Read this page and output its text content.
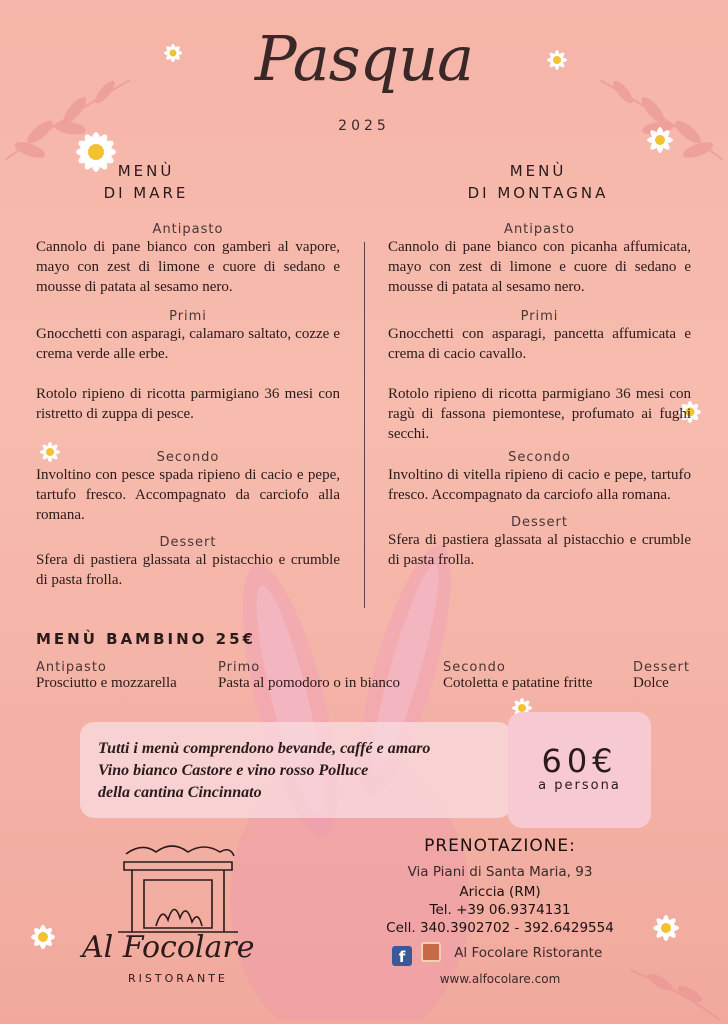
Pasqua
2025
MENÙ
DI MARE
Antipasto
Cannolo di pane bianco con gamberi al vapore, mayo con zest di limone e cuore di sedano e mousse di patata al sesamo nero.
Primi
Gnocchetti con asparagi, calamaro saltato, cozze e crema verde alle erbe.
Rotolo ripieno di ricotta parmigiano 36 mesi con ristretto di zuppa di pesce.
Secondo
Involtino con pesce spada ripieno di cacio e pepe, tartufo fresco. Accompagnato da carciofo alla romana.
Dessert
Sfera di pastiera glassata al pistacchio e crumble di pasta frolla.
MENÙ
DI MONTAGNA
Antipasto
Cannolo di pane bianco con picanha affumicata, mayo con zest di limone e cuore di sedano e mousse di patata al sesamo nero.
Primi
Gnocchetti con asparagi, pancetta affumicata e crema di cacio cavallo.
Rotolo ripieno di ricotta parmigiano 36 mesi con ragù di fassona piemontese, profumato ai fughi secchi.
Secondo
Involtino di vitella ripieno di cacio e pepe, tartufo fresco. Accompagnato da carciofo alla romana.
Dessert
Sfera di pastiera glassata al pistacchio e crumble di pasta frolla.
MENÙ BAMBINO 25€
Antipasto
Prosciutto e mozzarella
Primo
Pasta al pomodoro o in bianco
Secondo
Cotoletta e patatine fritte
Dessert
Dolce
Tutti i menù comprendono bevande, caffé e amaro
Vino bianco Castore e vino rosso Polluce
della cantina Cincinnato
60€
a persona
Al Focolare
RISTORANTE
PRENOTAZIONE:
Via Piani di Santa Maria, 93
Ariccia (RM)
Tel. +39 06.9374131
Cell. 340.3902702 - 392.6429554
f	$^{Al Focolare Ristorante}$
www.alfocolare.com
